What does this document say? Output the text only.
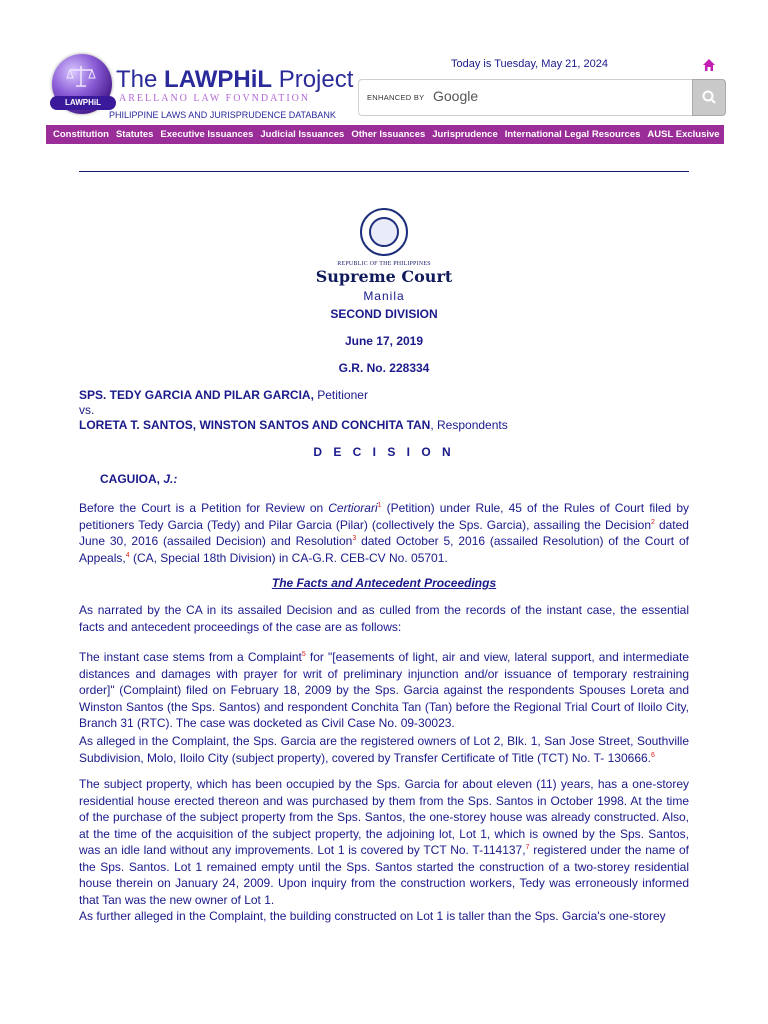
LAWPHiL
The LAWPHiL Project
ARELLANO LAW FOVNDATION
PHILIPPINE LAWS AND JURISPRUDENCE DATABANK
Today is Tuesday, May 21, 2024
ENHANCED BY Google
Constitution Statutes Executive Issuances Judicial Issuances Other Issuances Jurisprudence International Legal Resources AUSL Exclusive
REPUBLIC OF THE PHILIPPINES
Supreme Court
Manila
SECOND DIVISION
June 17, 2019
G.R. No. 228334
SPS. TEDY GARCIA AND PILAR GARCIA, Petitioner
vs.
LORETA T. SANTOS, WINSTON SANTOS AND CONCHITA TAN, Respondents
D E C I S I O N
CAGUIOA, J.:
Before the Court is a Petition for Review on Certiorari$^1$ (Petition) under Rule, 45 of the Rules of Court filed by petitioners Tedy Garcia (Tedy) and Pilar Garcia (Pilar) (collectively the Sps. Garcia), assailing the Decision$^2$ dated June 30, 2016 (assailed Decision) and Resolution$^3$ dated October 5, 2016 (assailed Resolution) of the Court of Appeals,$^4$ (CA, Special 18th Division) in CA-G.R. CEB-CV No. 05701.
The Facts and Antecedent Proceedings
As narrated by the CA in its assailed Decision and as culled from the records of the instant case, the essential facts and antecedent proceedings of the case are as follows:
The instant case stems from a Complaint$^5$ for "[easements of light, air and view, lateral support, and intermediate distances and damages with prayer for writ of preliminary injunction and/or issuance of temporary restraining order]" (Complaint) filed on February 18, 2009 by the Sps. Garcia against the respondents Spouses Loreta and Winston Santos (the Sps. Santos) and respondent Conchita Tan (Tan) before the Regional Trial Court of Iloilo City, Branch 31 (RTC). The case was docketed as Civil Case No. 09-30023.
As alleged in the Complaint, the Sps. Garcia are the registered owners of Lot 2, Blk. 1, San Jose Street, Southville Subdivision, Molo, Iloilo City (subject property), covered by Transfer Certificate of Title (TCT) No. T- 130666.$^6$
The subject property, which has been occupied by the Sps. Garcia for about eleven (11) years, has a one-storey residential house erected thereon and was purchased by them from the Sps. Santos in October 1998. At the time of the purchase of the subject property from the Sps. Santos, the one-storey house was already constructed. Also, at the time of the acquisition of the subject property, the adjoining lot, Lot 1, which is owned by the Sps. Santos, was an idle land without any improvements. Lot 1 is covered by TCT No. T-114137,$^7$ registered under the name of the Sps. Santos. Lot 1 remained empty until the Sps. Santos started the construction of a two-storey residential house therein on January 24, 2009. Upon inquiry from the construction workers, Tedy was erroneously informed that Tan was the new owner of Lot 1.
As further alleged in the Complaint, the building constructed on Lot 1 is taller than the Sps. Garcia's one-storey
